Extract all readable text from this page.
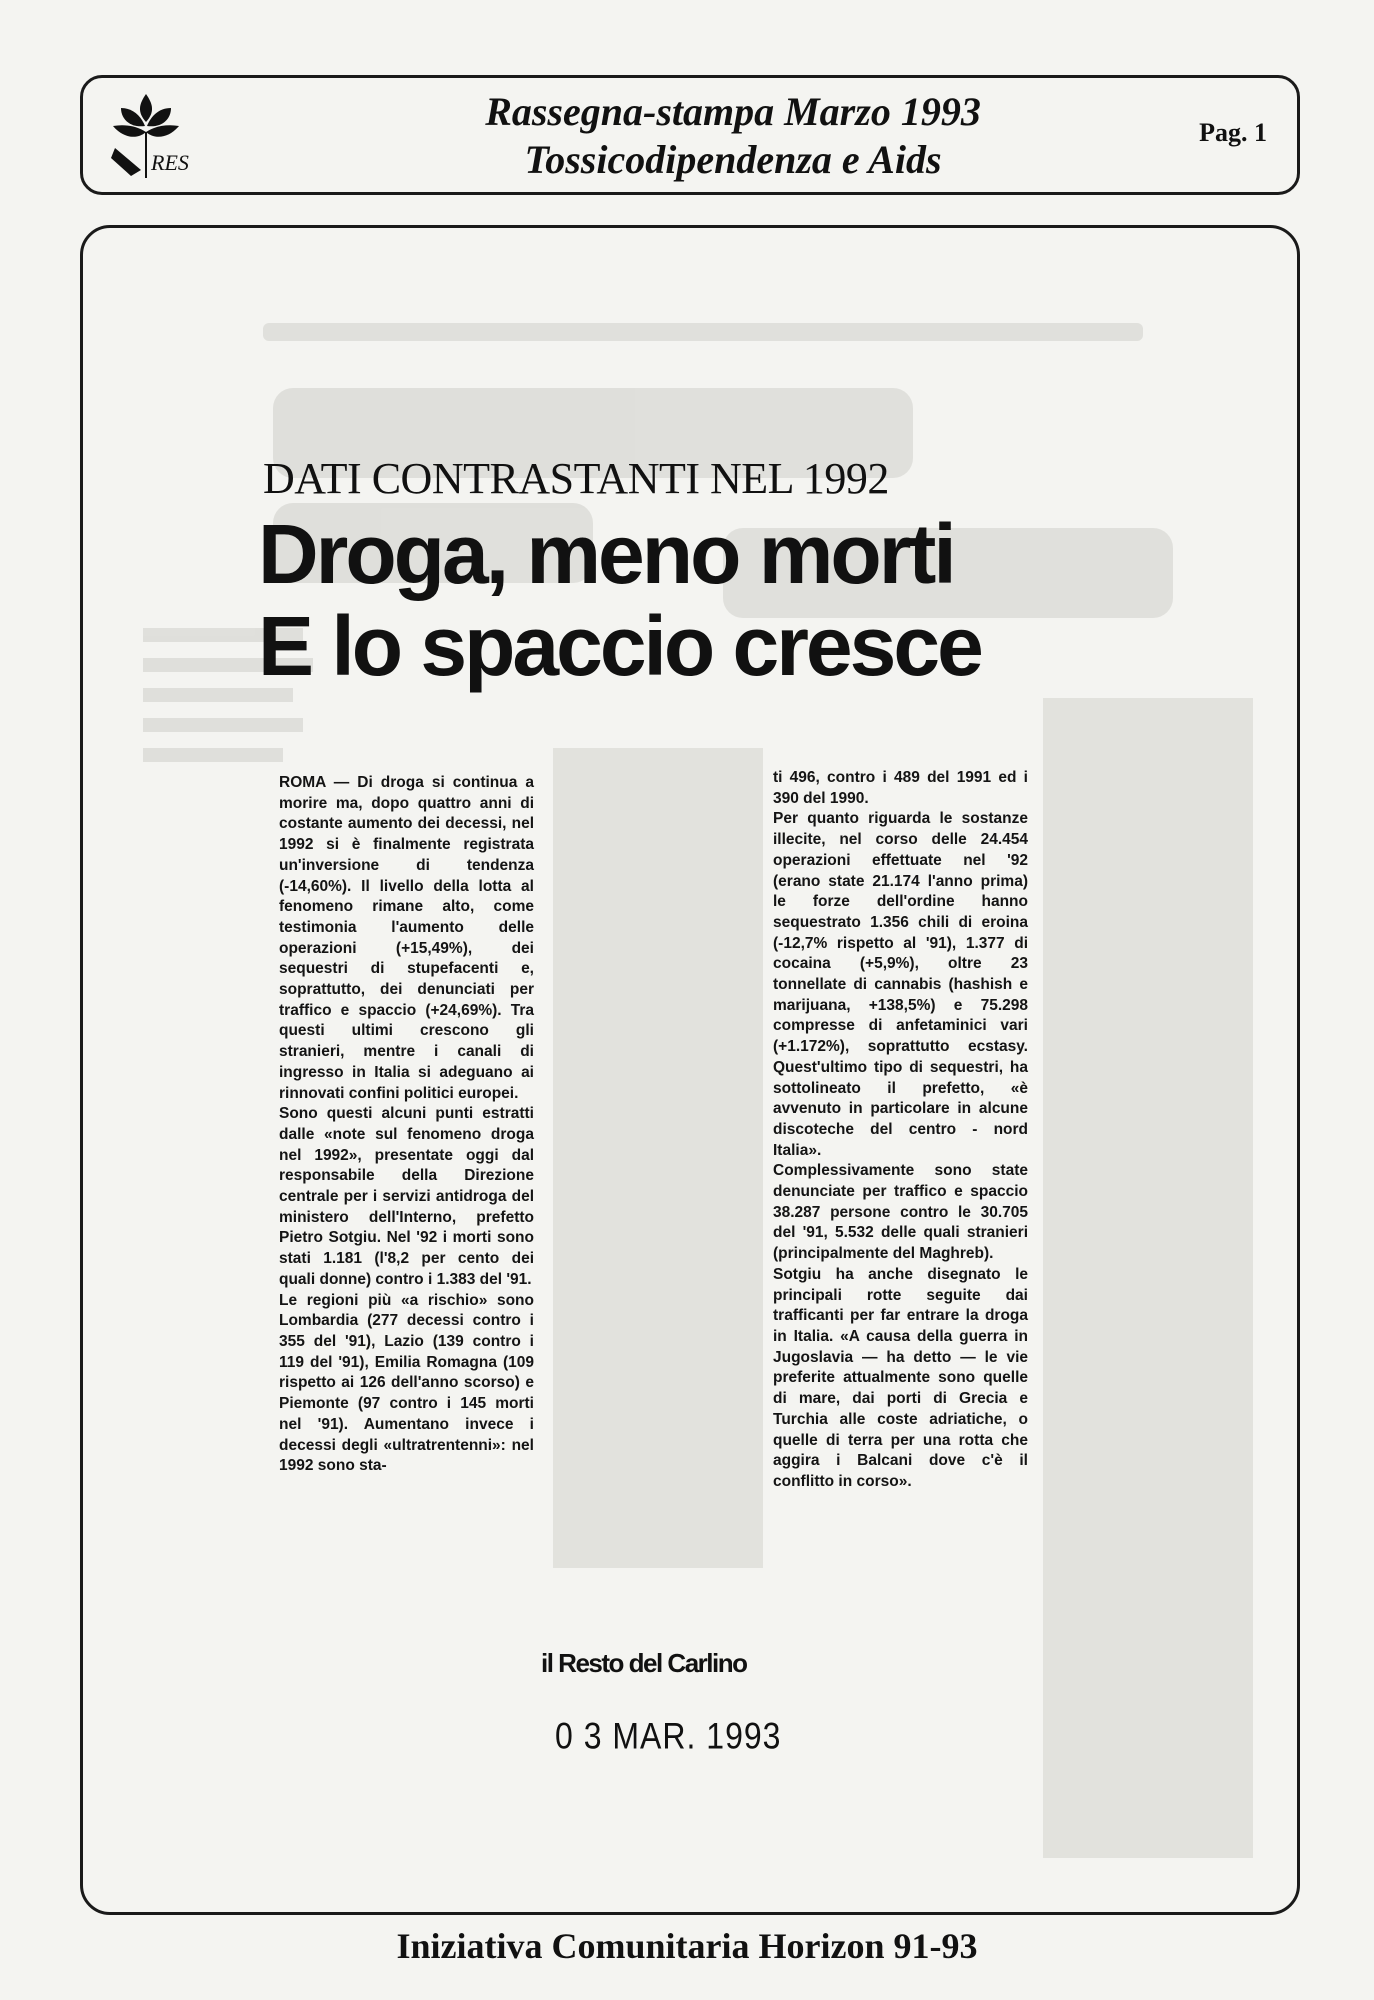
RES
Rassegna-stampa Marzo 1993
Tossicodipendenza e Aids
Pag. 1
DATI CONTRASTANTI NEL 1992
Droga, meno morti
E lo spaccio cresce

ROMA — Di droga si continua a morire ma, dopo quattro anni di costante aumento dei decessi, nel 1992 si è finalmente registrata un'inversione di tendenza (-14,60%). Il livello della lotta al fenomeno rimane alto, come testimonia l'aumento delle operazioni (+15,49%), dei sequestri di stupefacenti e, soprattutto, dei denunciati per traffico e spaccio (+24,69%). Tra questi ultimi crescono gli stranieri, mentre i canali di ingresso in Italia si adeguano ai rinnovati confini politici europei.

Sono questi alcuni punti estratti dalle «note sul fenomeno droga nel 1992», presentate oggi dal responsabile della Direzione centrale per i servizi antidroga del ministero dell'Interno, prefetto Pietro Sotgiu. Nel '92 i morti sono stati 1.181 (l'8,2 per cento dei quali donne) contro i 1.383 del '91.

Le regioni più «a rischio» sono Lombardia (277 decessi contro i 355 del '91), Lazio (139 contro i 119 del '91), Emilia Romagna (109 rispetto ai 126 dell'anno scorso) e Piemonte (97 contro i 145 morti nel '91). Aumentano invece i decessi degli «ultratrentenni»: nel 1992 sono sta-

ti 496, contro i 489 del 1991 ed i 390 del 1990.

Per quanto riguarda le sostanze illecite, nel corso delle 24.454 operazioni effettuate nel '92 (erano state 21.174 l'anno prima) le forze dell'ordine hanno sequestrato 1.356 chili di eroina (-12,7% rispetto al '91), 1.377 di cocaina (+5,9%), oltre 23 tonnellate di cannabis (hashish e marijuana, +138,5%) e 75.298 compresse di anfetaminici vari (+1.172%), soprattutto ecstasy. Quest'ultimo tipo di sequestri, ha sottolineato il prefetto, «è avvenuto in particolare in alcune discoteche del centro - nord Italia».

Complessivamente sono state denunciate per traffico e spaccio 38.287 persone contro le 30.705 del '91, 5.532 delle quali stranieri (principalmente del Maghreb).

Sotgiu ha anche disegnato le principali rotte seguite dai trafficanti per far entrare la droga in Italia. «A causa della guerra in Jugoslavia — ha detto — le vie preferite attualmente sono quelle di mare, dai porti di Grecia e Turchia alle coste adriatiche, o quelle di terra per una rotta che aggira i Balcani dove c'è il conflitto in corso».

il Resto del Carlino
0 3 MAR. 1993
Iniziativa Comunitaria Horizon 91-93
